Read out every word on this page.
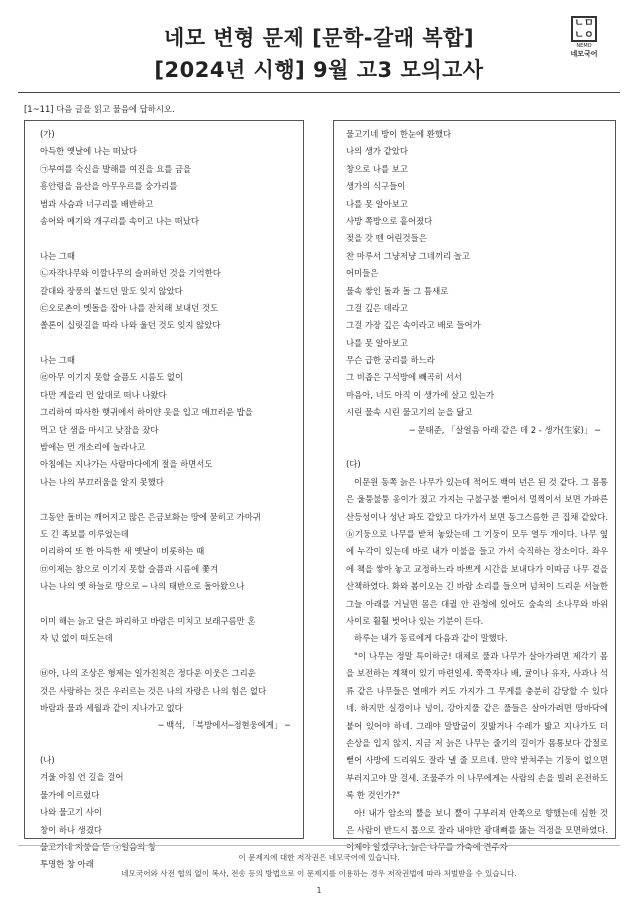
네모 변형 문제 [문학-갈래 복합]
[2024년 시행] 9월 고3 모의고사
ㄴㅁ
ㄴㅇ
NEMO
네모국어
[1~11] 다음 글을 읽고 물음에 답하시오.
(가)
아득한 옛날에 나는 떠났다
㉠부여를 숙신을 발해를 여진을 요를 금을
흥안령을 음산을 아무우르를 숭가리를
범과 사슴과 너구리를 배반하고
송어와 메기와 개구리를 속이고 나는 떠났다
나는 그때
㉡자작나무와 이깔나무의 슬퍼하던 것을 기억한다
갈대와 장풍의 붙드던 말도 잊지 않았다
㉢오로촌이 멧돌을 잡아 나를 잔치해 보내던 것도
쏠론이 십릿길을 따라 나와 울던 것도 잊지 않았다
나는 그때
㉣아무 이기지 못할 슬픔도 시름도 없이
다만 게을리 먼 앞대로 떠나 나왔다
그리하여 따사한 햇귀에서 하이얀 옷을 입고 매끄러운 밥을
먹고 단 샘을 마시고 낮잠을 잤다
밤에는 먼 개소리에 놀라나고
아침에는 지나가는 사람마다에게 절을 하면서도
나는 나의 부끄러움을 알지 못했다
그동안 돌비는 깨어지고 많은 은금보화는 땅에 묻히고 가마귀
도 긴 족보를 이루었는데
이리하여 또 한 아득한 새 옛날이 비롯하는 때
㉤이제는 참으로 이기지 못할 슬픔과 시름에 쫓겨
나는 나의 옛 하늘로 땅으로 ─ 나의 태반으로 돌아왔으나
이미 해는 늙고 달은 파리하고 바람은 미치고 보래구름만 혼
자 넋 없이 떠도는데
㉥아, 나의 조상은 형제는 일가친척은 정다운 이웃은 그리운
것은 사랑하는 것은 우러르는 것은 나의 자랑은 나의 힘은 없다
바람과 물과 세월과 같이 지나가고 없다
─ 백석, 「북방에서─정현웅에게」 ─
(나)
겨울 아침 언 길을 걸어
물가에 이르렀다
나와 물고기 사이
창이 하나 생겼다
물고기네 지붕을 뜯 ⓐ얼음의 창
투명한 창 아래
물고기네 방이 한눈에 환했다
나의 생가 같았다
창으로 나를 보고
생가의 식구들이
나를 못 알아보고
사방 쪽방으로 흩어졌다
젖을 갓 뗀 어린것들은
찬 마루서 그냥저냥 그네끼리 놀고
어미들은
물속 쌓인 돌과 돌 그 틈새로
그걸 깊은 데라고
그걸 가장 깊은 속이라고 배로 들어가
나를 못 알아보고
무슨 급한 궁리를 하느라
그 비좁은 구석방에 빼곡히 서서
마음아, 너도 아직 이 생가에 살고 있는가
시린 물속 시린 물고기의 눈을 닮고
─ 문태준, 「살얼음 아래 같은 데 2 - 생가(生家)」 ─
(다)

이문원 동쪽 늙은 나무가 있는데 적어도 백여 년은 된 것 같다. 그 몸통은 울퉁불퉁 옹이가 졌고 가지는 구불구불 뻗어서 멀찍이서 보면 가파른 산등성이나 성난 파도 같았고 다가가서 보면 동그스름한 큰 집채 같았다. ⓑ기둥으로 나무를 받쳐 놓았는데 그 기둥이 모두 열두 개이다. 나무 옆에 누각이 있는데 바로 내가 이불을 들고 가서 숙직하는 장소이다. 좌우에 책을 쌓아 놓고 교정하느라 바쁘게 시간을 보내다가 이따금 나무 곁을 산책하였다. 화와 봄이오는 긴 바람 소리를 들으며 넘쳐이 드리운 서늘한 그늘 아래를 거닐면 몸은 대궐 안 관청에 있어도 숲속의 소나무와 바위 사이로 훨훨 벗어나 있는 기분이 든다.

하루는 내가 동료에게 다음과 같이 말했다.

"이 나무는 정말 특이하군! 대체로 풀과 나무가 살아가려면 제각기 몸을 보전하는 계책이 있기 마련일세. 쭉쭉자나 배, 귤이나 유자, 사과나 석류 같은 나무들은 열매가 커도 가지가 그 무게를 충분히 감당할 수 있다네. 하지만 실경이나 넝이, 강아지풀 같은 풀들은 살아가려면 땅바닥에 붙어 있어야 하네. 그래야 말밥굽이 짓밟거나 수레가 밟고 지나가도 더 손상을 입지 않지. 지금 저 늙은 나무는 줄기의 길이가 몸통보다 갑절로 뻗어 사방에 드리워도 잘라 낼 줄 모르네. 만약 받쳐주는 기둥이 없으면 부러지고야 말 걸세. 조물주가 이 나무에게는 사람의 손을 빌려 온전하도록 한 것인가?"

아! 내가 암소의 뿔을 보니 뿔이 구부러져 안쪽으로 향했는데 심한 것은 사람이 반드시 톱으로 잘라 내야만 광대뼈를 뚫는 걱정을 모면하였다. 이제야 알겠구나, 늙은 나무를 가축에 견주자

이 문제지에 대한 저작권은 네모국어에 있습니다.
네모국어와 사전 협의 없이 복사, 전송 등의 방법으로 이 문제지를 이용하는 경우 저작권법에 따라 처벌받을 수 있습니다.
1
